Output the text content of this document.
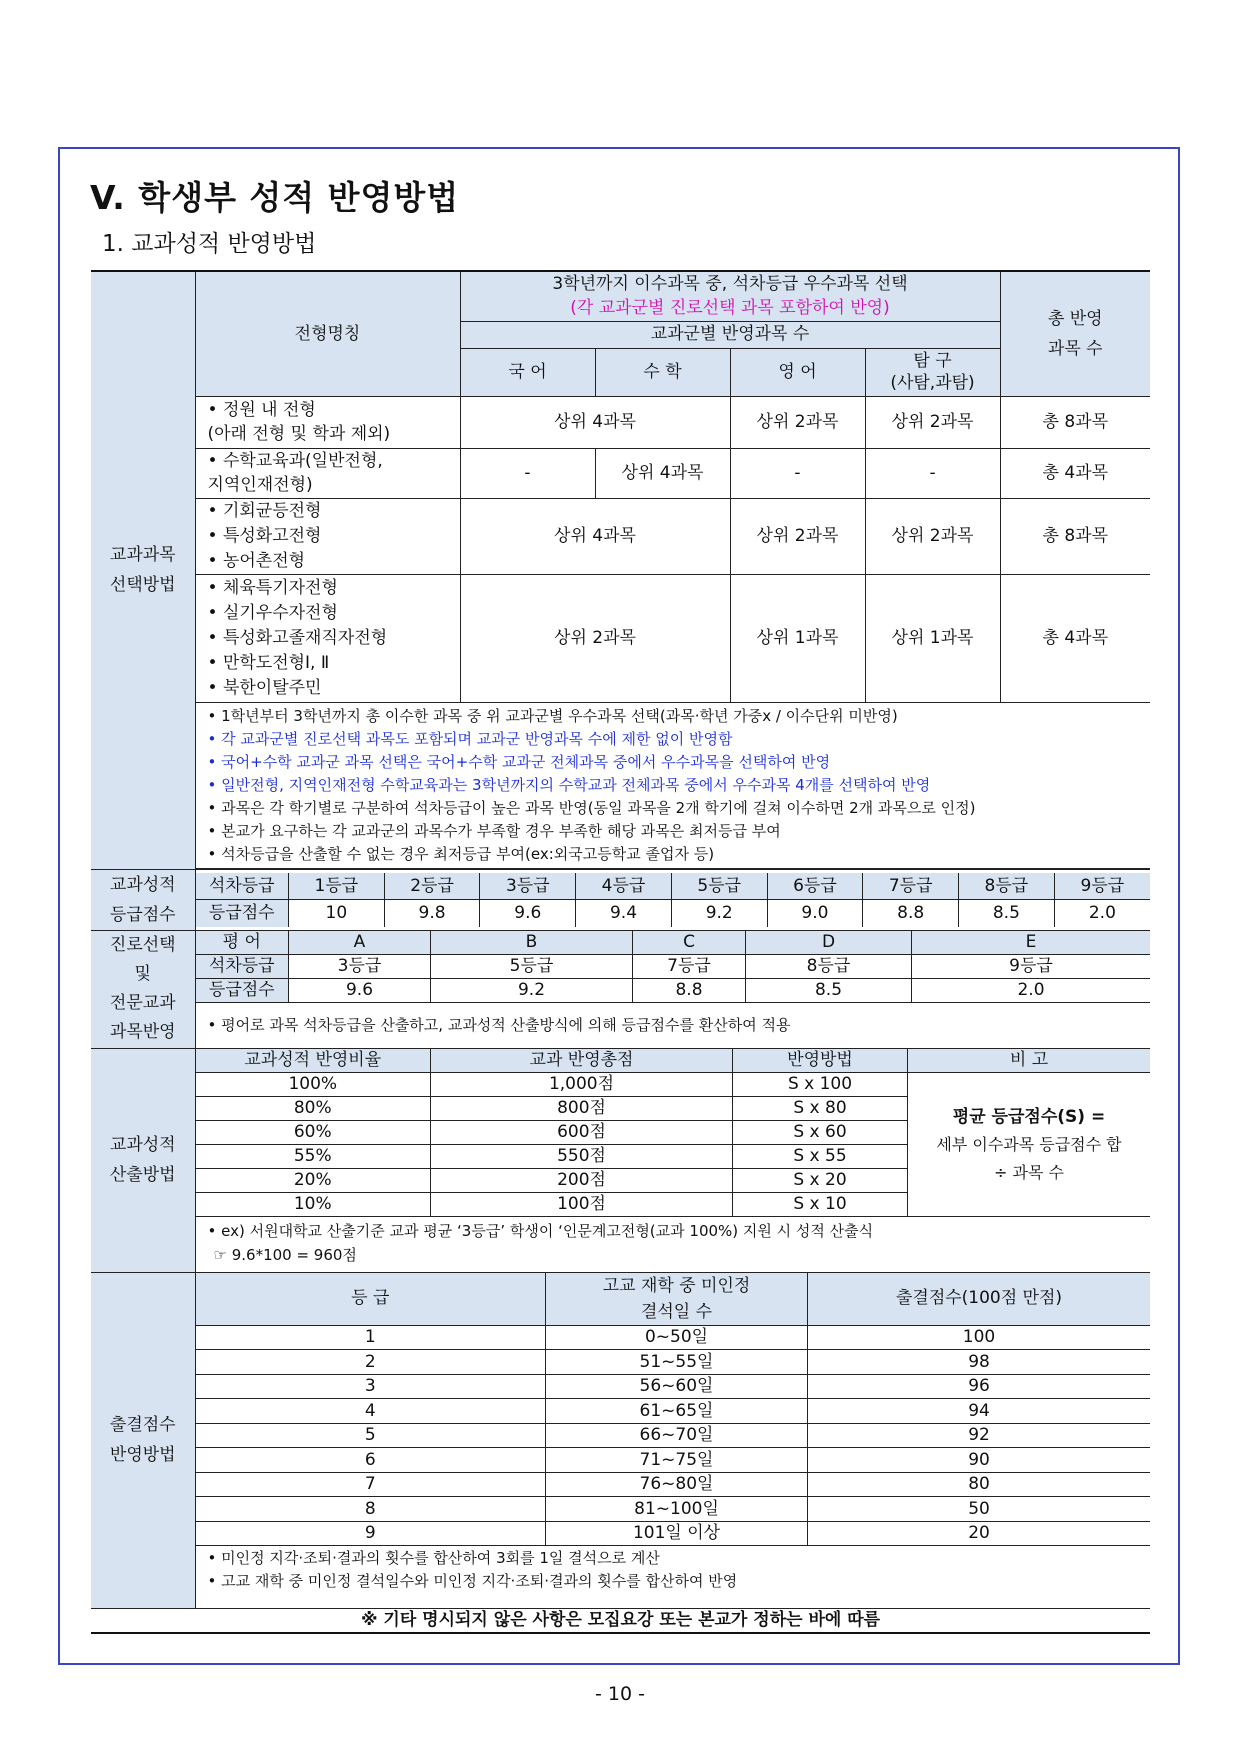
V. 학생부 성적 반영방법
1. 교과성적 반영방법
교과과목
선택방법	전형명칭	3학년까지 이수과목 중, 석차등급 우수과목 선택	총 반영
과목 수
(각 교과군별 진로선택 과목 포함하여 반영)
교과군별 반영과목 수
국 어	수 학	영 어	탐 구
(사탐,과탐)
• 정원 내 전형
(아래 전형 및 학과 제외)	상위 4과목	상위 2과목	상위 2과목	총 8과목
• 수학교육과(일반전형,
지역인재전형)	-	상위 4과목	-	-	총 4과목

• 기회균등전형
• 특성화고전형
• 농어촌전형
	상위 4과목	상위 2과목	상위 2과목	총 8과목

• 체육특기자전형
• 실기우수자전형
• 특성화고졸재직자전형
• 만학도전형Ⅰ, Ⅱ
• 북한이탈주민
	상위 2과목	상위 1과목	상위 1과목	총 4과목

• 1학년부터 3학년까지 총 이수한 과목 중 위 교과군별 우수과목 선택(과목·학년 가중x / 이수단위 미반영)
• 각 교과군별 진로선택 과목도 포함되며 교과군 반영과목 수에 제한 없이 반영함
• 국어+수학 교과군 과목 선택은 국어+수학 교과군 전체과목 중에서 우수과목을 선택하여 반영
• 일반전형, 지역인재전형 수학교육과는 3학년까지의 수학교과 전체과목 중에서 우수과목 4개를 선택하여 반영
• 과목은 각 학기별로 구분하여 석차등급이 높은 과목 반영(동일 과목을 2개 학기에 걸쳐 이수하면 2개 과목으로 인정)
• 본교가 요구하는 각 교과군의 과목수가 부족할 경우 부족한 해당 과목은 최저등급 부여
• 석차등급을 산출할 수 없는 경우 최저등급 부여(ex:외국고등학교 졸업자 등)

교과성적
등급점수	
석차등급	1등급	2등급	3등급	4등급	5등급	6등급	7등급	8등급	9등급
등급점수	10	9.8	9.6	9.4	9.2	9.0	8.8	8.5	2.0

진로선택
및
전문교과
과목반영	
평 어	A	B	C	D	E
석차등급	3등급	5등급	7등급	8등급	9등급
등급점수	9.6	9.2	8.8	8.5	2.0
• 평어로 과목 석차등급을 산출하고, 교과성적 산출방식에 의해 등급점수를 환산하여 적용

교과성적
산출방법	
교과성적 반영비율	교과 반영총점	반영방법	비 고
100%	1,000점	S x 100	
평균 등급점수(S) =
세부 이수과목 등급점수 합
÷ 과목 수

80%	800점	S x 80
60%	600점	S x 60
55%	550점	S x 55
20%	200점	S x 20
10%	100점	S x 10

• ex) 서원대학교 산출기준 교과 평균 ‘3등급’ 학생이 ‘인문계고전형(교과 100%) 지원 시 성적 산출식
☞ 9.6*100 = 960점

출결점수
반영방법	
등 급	고교 재학 중 미인정
결석일 수	출결점수(100점 만점)
1	0~50일	100
2	51~55일	98
3	56~60일	96
4	61~65일	94
5	66~70일	92
6	71~75일	90
7	76~80일	80
8	81~100일	50
9	101일 이상	20

• 미인정 지각·조퇴·결과의 횟수를 합산하여 3회를 1일 결석으로 계산
• 고교 재학 중 미인정 결석일수와 미인정 지각·조퇴·결과의 횟수를 합산하여 반영

※ 기타 명시되지 않은 사항은 모집요강 또는 본교가 정하는 바에 따름
- 10 -
